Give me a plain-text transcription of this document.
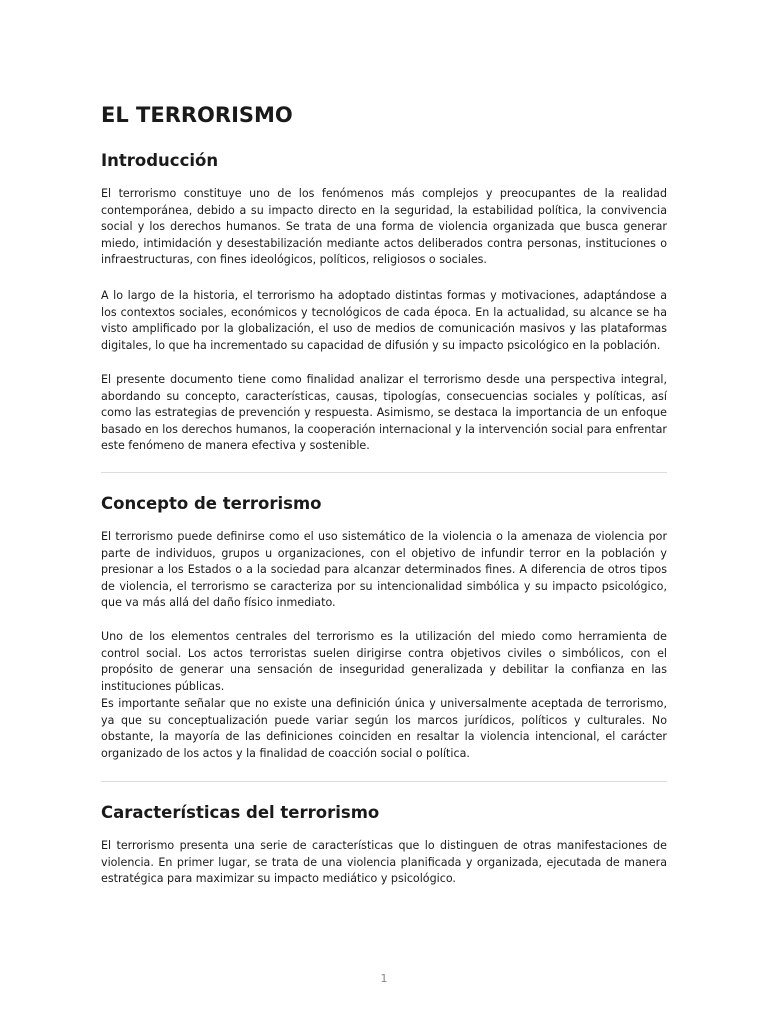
EL TERRORISMO
Introducción

El terrorismo constituye uno de los fenómenos más complejos y preocupantes de la realidad contemporánea, debido a su impacto directo en la seguridad, la estabilidad política, la convivencia social y los derechos humanos. Se trata de una forma de violencia organizada que busca generar miedo, intimidación y desestabilización mediante actos deliberados contra personas, instituciones o infraestructuras, con fines ideológicos, políticos, religiosos o sociales.

A lo largo de la historia, el terrorismo ha adoptado distintas formas y motivaciones, adaptándose a los contextos sociales, económicos y tecnológicos de cada época. En la actualidad, su alcance se ha visto amplificado por la globalización, el uso de medios de comunicación masivos y las plataformas digitales, lo que ha incrementado su capacidad de difusión y su impacto psicológico en la población.

El presente documento tiene como finalidad analizar el terrorismo desde una perspectiva integral, abordando su concepto, características, causas, tipologías, consecuencias sociales y políticas, así como las estrategias de prevención y respuesta. Asimismo, se destaca la importancia de un enfoque basado en los derechos humanos, la cooperación internacional y la intervención social para enfrentar este fenómeno de manera efectiva y sostenible.

Concepto de terrorismo

El terrorismo puede definirse como el uso sistemático de la violencia o la amenaza de violencia por parte de individuos, grupos u organizaciones, con el objetivo de infundir terror en la población y presionar a los Estados o a la sociedad para alcanzar determinados fines. A diferencia de otros tipos de violencia, el terrorismo se caracteriza por su intencionalidad simbólica y su impacto psicológico, que va más allá del daño físico inmediato.

Uno de los elementos centrales del terrorismo es la utilización del miedo como herramienta de control social. Los actos terroristas suelen dirigirse contra objetivos civiles o simbólicos, con el propósito de generar una sensación de inseguridad generalizada y debilitar la confianza en las instituciones públicas.

Es importante señalar que no existe una definición única y universalmente aceptada de terrorismo, ya que su conceptualización puede variar según los marcos jurídicos, políticos y culturales. No obstante, la mayoría de las definiciones coinciden en resaltar la violencia intencional, el carácter organizado de los actos y la finalidad de coacción social o política.

Características del terrorismo

El terrorismo presenta una serie de características que lo distinguen de otras manifestaciones de violencia. En primer lugar, se trata de una violencia planificada y organizada, ejecutada de manera estratégica para maximizar su impacto mediático y psicológico.

1
